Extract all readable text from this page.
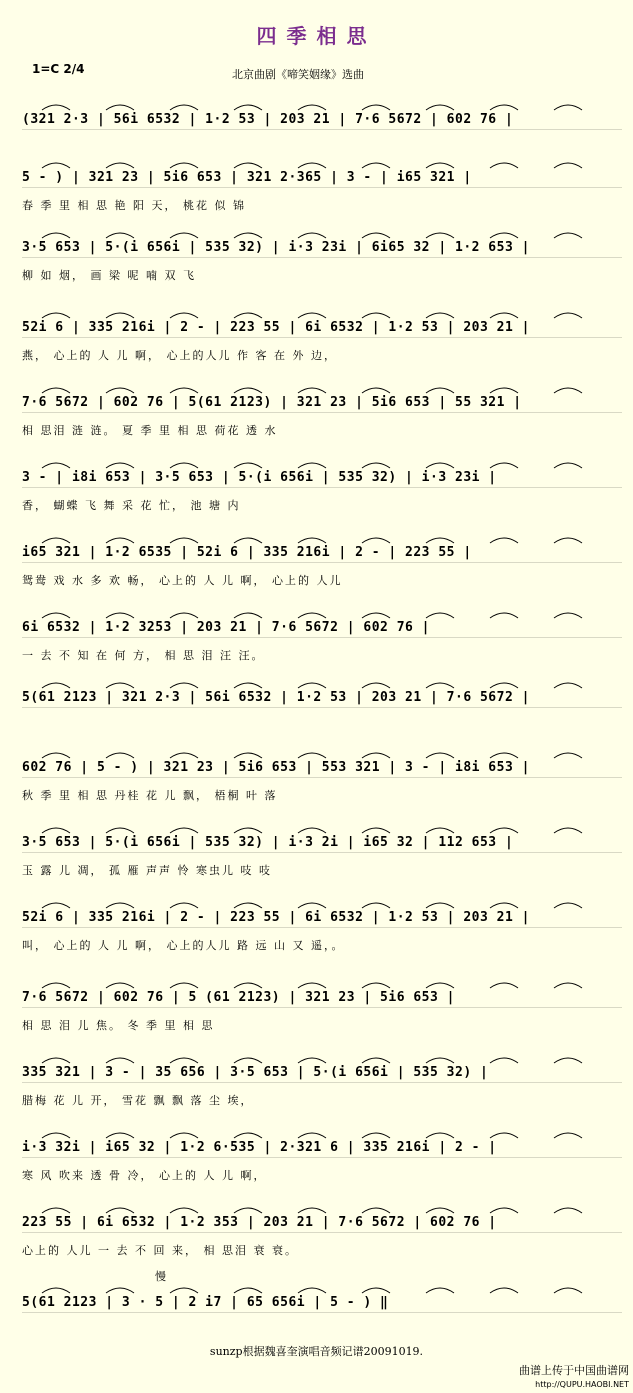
四季相思
1=C 2/4	北京曲剧《啼笑姻缘》选曲
(321 2·3 | 56i 6532 | 1·2 53 | 203 21 | 7·6 5672 | 602 76 |
5 - ) | 321 23 | 5i6 653 | 321 2·365 | 3 - | i65 321 |
春 季 里 相 思 艳 阳 天， 桃花 似 锦
3·5 653 | 5·(i 656i | 535 32) | i·3 23i | 6i65 32 | 1·2 653 |
柳 如 烟， 画 梁 呢 喃 双 飞
52i 6 | 335 216i | 2 - | 223 55 | 6i 6532 | 1·2 53 | 203 21 |
燕， 心上的 人 儿 啊， 心上的人儿 作 客 在 外 边，
7·6 5672 | 602 76 | 5(61 2123) | 321 23 | 5i6 653 | 55 321 |
相 思泪 涟 涟。 夏 季 里 相 思 荷花 透 水
3 - | i8i 653 | 3·5 653 | 5·(i 656i | 535 32) | i·3 23i |
香， 蝴蝶 飞 舞 采 花 忙， 池 塘 内
i65 321 | 1·2 6535 | 52i 6 | 335 216i | 2 - | 223 55 |
鸳鸯 戏 水 多 欢 畅， 心上的 人 儿 啊， 心上的 人儿
6i 6532 | 1·2 3253 | 203 21 | 7·6 5672 | 602 76 |
一 去 不 知 在 何 方， 相 思 泪 汪 汪。
5(61 2123 | 321 2·3 | 56i 6532 | 1·2 53 | 203 21 | 7·6 5672 |
602 76 | 5 - ) | 321 23 | 5i6 653 | 553 321 | 3 - | i8i 653 |
秋 季 里 相 思 丹桂 花 儿 飘， 梧桐 叶 落
3·5 653 | 5·(i 656i | 535 32) | i·3 2i | i65 32 | 112 653 |
玉 露 儿 凋， 孤 雁 声声 怜 寒虫儿 吱 吱
52i 6 | 335 216i | 2 - | 223 55 | 6i 6532 | 1·2 53 | 203 21 |
叫， 心上的 人 儿 啊， 心上的人儿 路 远 山 又 遥，。
7·6 5672 | 602 76 | 5 (61 2123) | 321 23 | 5i6 653 |
相 思 泪 儿 焦。 冬 季 里 相 思
335 321 | 3 - | 35 656 | 3·5 653 | 5·(i 656i | 535 32) |
腊梅 花 儿 开， 雪花 飘 飘 落 尘 埃，
i·3 32i | i65 32 | 1·2 6·535 | 2·321 6 | 335 216i | 2 - |
寒 风 吹来 透 骨 冷， 心上的 人 儿 啊，
223 55 | 6i 6532 | 1·2 353 | 203 21 | 7·6 5672 | 602 76 |
心上的 人儿 一 去 不 回 来， 相 思泪 衰 衰。
5(61 2123 | 3 · 5 | 2 i7 | 65 656i | 5 - ) ‖
慢
sunzp根据魏喜奎演唱音频记谱20091019.
曲谱上传于中国曲谱网
http://QUPU.HAOBI.NET
